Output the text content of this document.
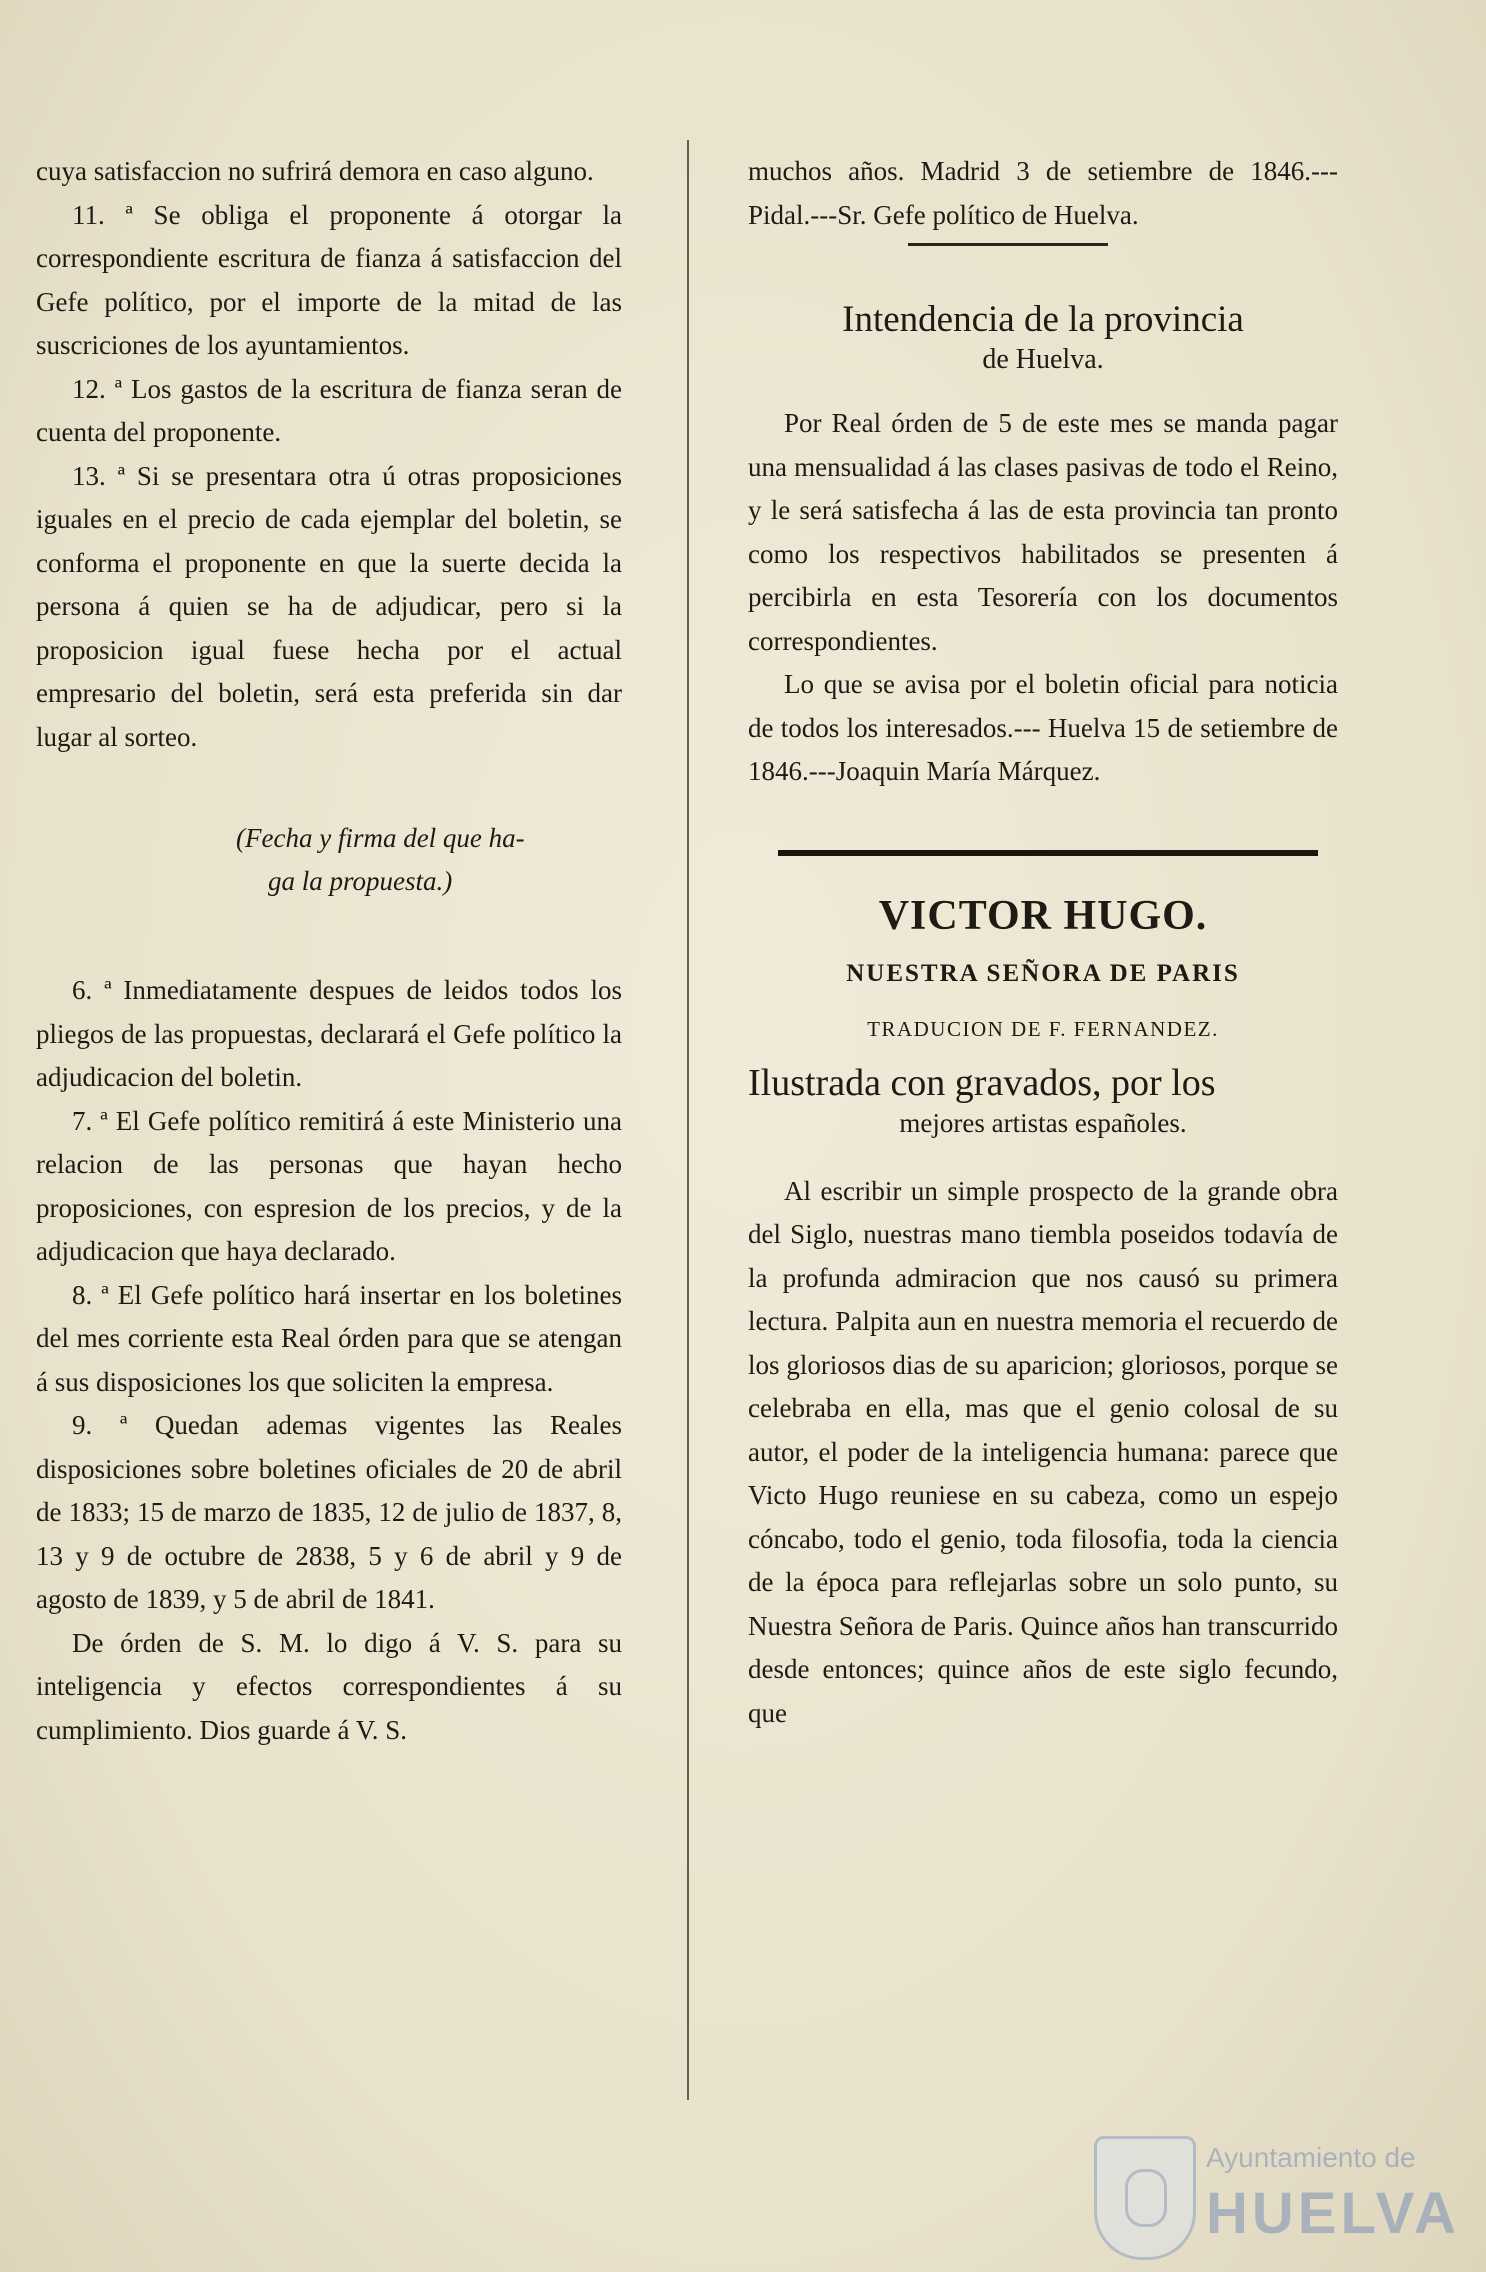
cuya satisfaccion no sufrirá demora en caso alguno.

11. ª Se obliga el proponente á otorgar la correspondiente escritura de fianza á satisfaccion del Gefe político, por el importe de la mitad de las suscriciones de los ayuntamientos.

12. ª Los gastos de la escritura de fianza seran de cuenta del proponente.

13. ª Si se presentara otra ú otras proposiciones iguales en el precio de cada ejemplar del boletin, se conforma el proponente en que la suerte decida la persona á quien se ha de adjudicar, pero si la proposicion igual fuese hecha por el actual empresario del boletin, será esta preferida sin dar lugar al sorteo.

(Fecha y firma del que ha-
ga la propuesta.)

6. ª Inmediatamente despues de leidos todos los pliegos de las propuestas, declarará el Gefe político la adjudicacion del boletin.

7. ª El Gefe político remitirá á este Ministerio una relacion de las personas que hayan hecho proposiciones, con espresion de los precios, y de la adjudicacion que haya declarado.

8. ª El Gefe político hará insertar en los boletines del mes corriente esta Real órden para que se atengan á sus disposiciones los que soliciten la empresa.

9. ª Quedan ademas vigentes las Reales disposiciones sobre boletines oficiales de 20 de abril de 1833; 15 de marzo de 1835, 12 de julio de 1837, 8, 13 y 9 de octubre de 2838, 5 y 6 de abril y 9 de agosto de 1839, y 5 de abril de 1841.

De órden de S. M. lo digo á V. S. para su inteligencia y efectos correspondientes á su cumplimiento. Dios guarde á V. S.

muchos años. Madrid 3 de setiembre de 1846.---Pidal.---Sr. Gefe político de Huelva.

Intendencia de la provincia
de Huelva.

Por Real órden de 5 de este mes se manda pagar una mensualidad á las clases pasivas de todo el Reino, y le será satisfecha á las de esta provincia tan pronto como los respectivos habilitados se presenten á percibirla en esta Tesorería con los documentos correspondientes.

Lo que se avisa por el boletin oficial para noticia de todos los interesados.--- Huelva 15 de setiembre de 1846.---Joaquin María Márquez.

VICTOR HUGO.
NUESTRA SEÑORA DE PARIS
TRADUCION DE F. FERNANDEZ.
Ilustrada con gravados, por los
mejores artistas españoles.

Al escribir un simple prospecto de la grande obra del Siglo, nuestras mano tiembla poseidos todavía de la profunda admiracion que nos causó su primera lectura. Palpita aun en nuestra memoria el recuerdo de los gloriosos dias de su aparicion; gloriosos, porque se celebraba en ella, mas que el genio colosal de su autor, el poder de la inteligencia humana: parece que Victo Hugo reuniese en su cabeza, como un espejo cóncabo, todo el genio, toda filosofia, toda la ciencia de la época para reflejarlas sobre un solo punto, su Nuestra Señora de Paris. Quince años han transcurrido desde entonces; quince años de este siglo fecundo, que

Ayuntamiento de
HUELVA
